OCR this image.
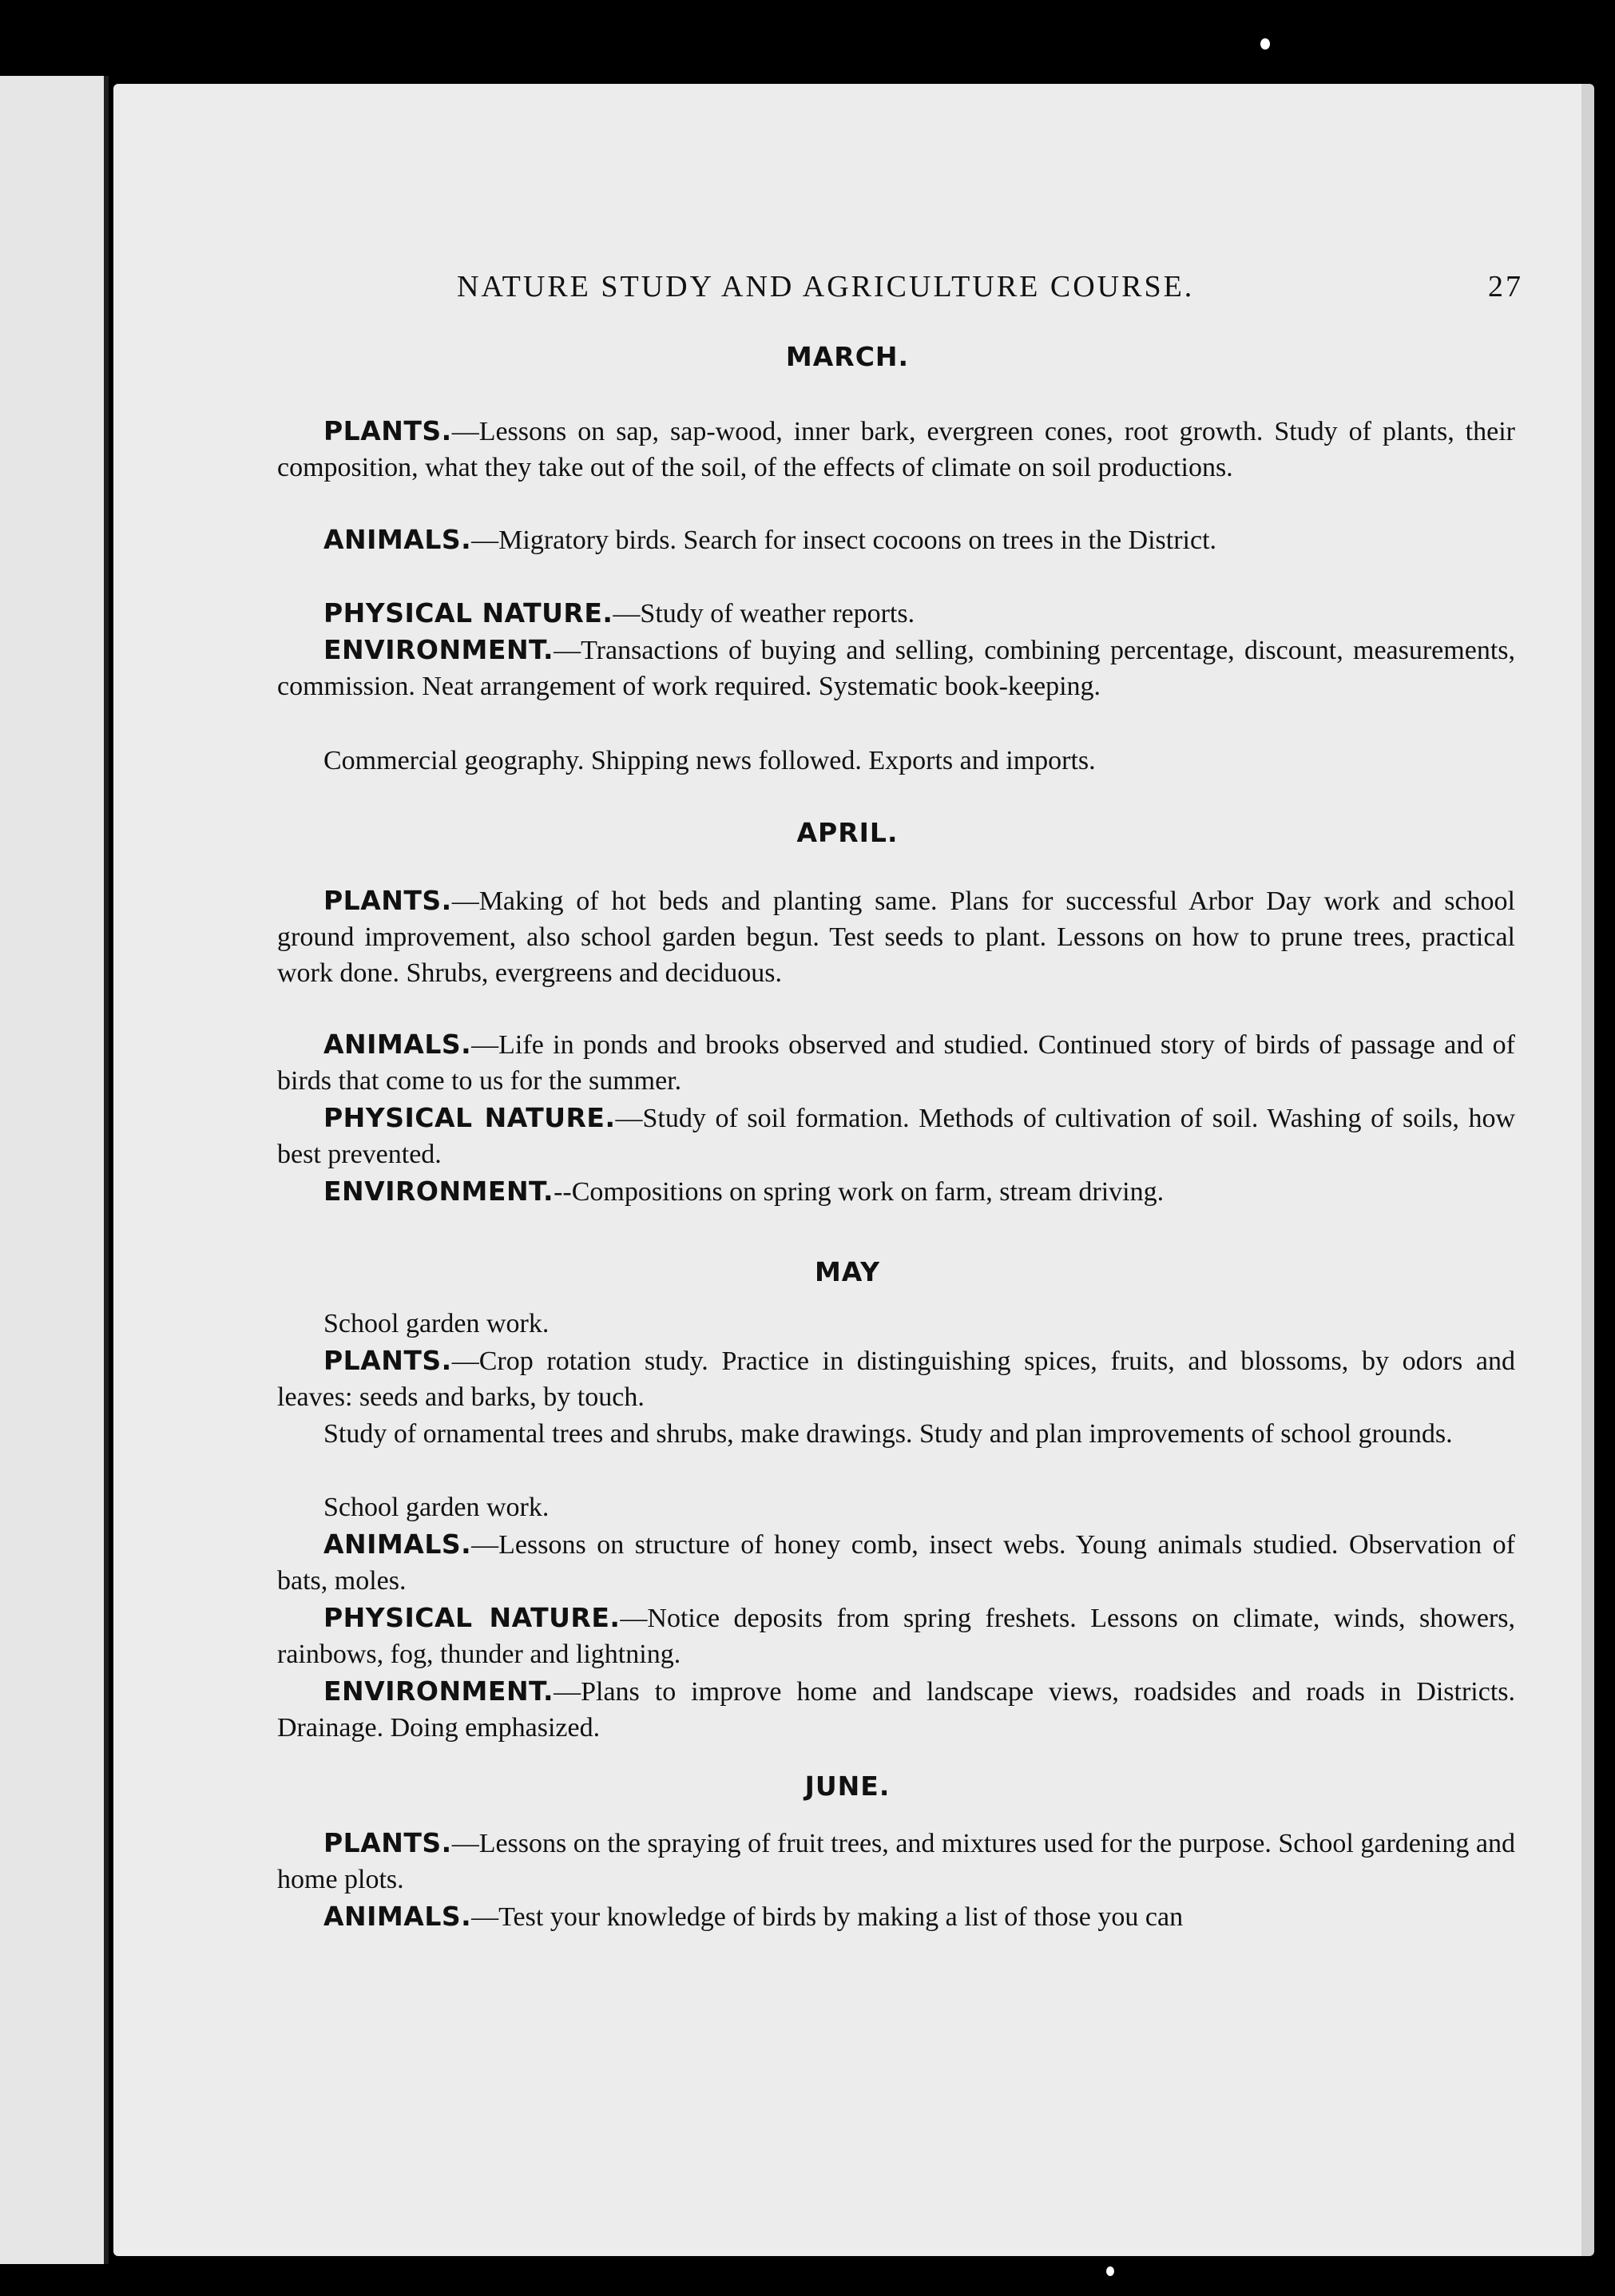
NATURE STUDY AND AGRICULTURE COURSE.	27
MARCH.
PLANTS.—Lessons on sap, sap-wood, inner bark, evergreen cones, root growth. Study of plants, their composition, what they take out of the soil, of the effects of climate on soil productions.
ANIMALS.—Migratory birds. Search for insect cocoons on trees in the District.
PHYSICAL NATURE.—Study of weather reports.
ENVIRONMENT.—Transactions of buying and selling, combining percentage, discount, measurements, commission. Neat arrangement of work required. Systematic book-keeping.
Commercial geography. Shipping news followed. Exports and imports.
APRIL.
PLANTS.—Making of hot beds and planting same. Plans for successful Arbor Day work and school ground improvement, also school garden begun. Test seeds to plant. Lessons on how to prune trees, practical work done. Shrubs, evergreens and deciduous.
ANIMALS.—Life in ponds and brooks observed and studied. Continued story of birds of passage and of birds that come to us for the summer.
PHYSICAL NATURE.—Study of soil formation. Methods of cultivation of soil. Washing of soils, how best prevented.
ENVIRONMENT.--Compositions on spring work on farm, stream driving.
MAY
School garden work.
PLANTS.—Crop rotation study. Practice in distinguishing spices, fruits, and blossoms, by odors and leaves: seeds and barks, by touch.
Study of ornamental trees and shrubs, make drawings. Study and plan improvements of school grounds.
School garden work.
ANIMALS.—Lessons on structure of honey comb, insect webs. Young animals studied. Observation of bats, moles.
PHYSICAL NATURE.—Notice deposits from spring freshets. Lessons on climate, winds, showers, rainbows, fog, thunder and lightning.
ENVIRONMENT.—Plans to improve home and landscape views, roadsides and roads in Districts. Drainage. Doing emphasized.
JUNE.
PLANTS.—Lessons on the spraying of fruit trees, and mixtures used for the purpose. School gardening and home plots.
ANIMALS.—Test your knowledge of birds by making a list of those you can
